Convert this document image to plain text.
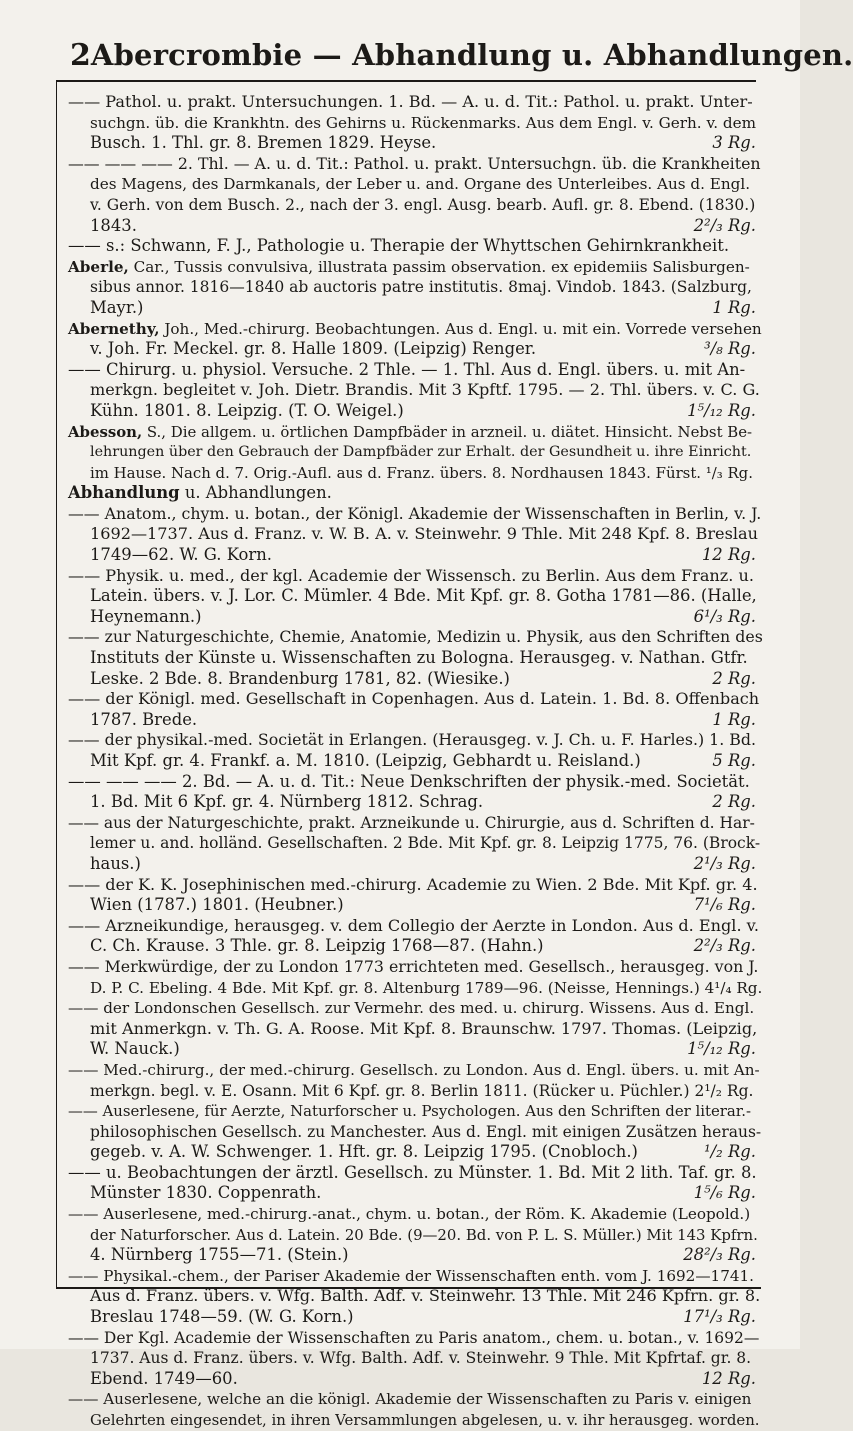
2 Abercrombie — Abhandlung u. Abhandlungen.
—— Pathol. u. prakt. Untersuchungen. 1. Bd. — A. u. d. Tit.: Pathol. u. prakt. Unter-
suchgn. üb. die Krankhtn. des Gehirns u. Rückenmarks. Aus dem Engl. v. Gerh. v. dem
Busch. 1. Thl. gr. 8. Bremen 1829. Heyse.	3 Rg.
—— —— —— 2. Thl. — A. u. d. Tit.: Pathol. u. prakt. Untersuchgn. üb. die Krankheiten
des Magens, des Darmkanals, der Leber u. and. Organe des Unterleibes. Aus d. Engl.
v. Gerh. von dem Busch. 2., nach der 3. engl. Ausg. bearb. Aufl. gr. 8. Ebend. (1830.)
1843.	2²/₃ Rg.
—— s.: Schwann, F. J., Pathologie u. Therapie der Whyttschen Gehirnkrankheit.
Aberle, Car., Tussis convulsiva, illustrata passim observation. ex epidemiis Salisburgen-
sibus annor. 1816—1840 ab auctoris patre institutis. 8maj. Vindob. 1843. (Salzburg,
Mayr.)	1 Rg.
Abernethy, Joh., Med.-chirurg. Beobachtungen. Aus d. Engl. u. mit ein. Vorrede versehen
v. Joh. Fr. Meckel. gr. 8. Halle 1809. (Leipzig) Renger.	³/₈ Rg.
—— Chirurg. u. physiol. Versuche. 2 Thle. — 1. Thl. Aus d. Engl. übers. u. mit An-
merkgn. begleitet v. Joh. Dietr. Brandis. Mit 3 Kpftf. 1795. — 2. Thl. übers. v. C. G.
Kühn. 1801. 8. Leipzig. (T. O. Weigel.)	1⁵/₁₂ Rg.
Abesson, S., Die allgem. u. örtlichen Dampfbäder in arzneil. u. diätet. Hinsicht. Nebst Be-
lehrungen über den Gebrauch der Dampfbäder zur Erhalt. der Gesundheit u. ihre Einricht.
im Hause. Nach d. 7. Orig.-Aufl. aus d. Franz. übers. 8. Nordhausen 1843. Fürst. ¹/₃ Rg.
Abhandlung u. Abhandlungen.
—— Anatom., chym. u. botan., der Königl. Akademie der Wissenschaften in Berlin, v. J.
1692—1737. Aus d. Franz. v. W. B. A. v. Steinwehr. 9 Thle. Mit 248 Kpf. 8. Breslau
1749—62. W. G. Korn.	12 Rg.
—— Physik. u. med., der kgl. Academie der Wissensch. zu Berlin. Aus dem Franz. u.
Latein. übers. v. J. Lor. C. Mümler. 4 Bde. Mit Kpf. gr. 8. Gotha 1781—86. (Halle,
Heynemann.)	6¹/₃ Rg.
—— zur Naturgeschichte, Chemie, Anatomie, Medizin u. Physik, aus den Schriften des
Instituts der Künste u. Wissenschaften zu Bologna. Herausgeg. v. Nathan. Gtfr.
Leske. 2 Bde. 8. Brandenburg 1781, 82. (Wiesike.)	2 Rg.
—— der Königl. med. Gesellschaft in Copenhagen. Aus d. Latein. 1. Bd. 8. Offenbach
1787. Brede.	1 Rg.
—— der physikal.-med. Societät in Erlangen. (Herausgeg. v. J. Ch. u. F. Harles.) 1. Bd.
Mit Kpf. gr. 4. Frankf. a. M. 1810. (Leipzig, Gebhardt u. Reisland.)	5 Rg.
—— —— —— 2. Bd. — A. u. d. Tit.: Neue Denkschriften der physik.-med. Societät.
1. Bd. Mit 6 Kpf. gr. 4. Nürnberg 1812. Schrag.	2 Rg.
—— aus der Naturgeschichte, prakt. Arzneikunde u. Chirurgie, aus d. Schriften d. Har-
lemer u. and. holländ. Gesellschaften. 2 Bde. Mit Kpf. gr. 8. Leipzig 1775, 76. (Brock-
haus.)	2¹/₃ Rg.
—— der K. K. Josephinischen med.-chirurg. Academie zu Wien. 2 Bde. Mit Kpf. gr. 4.
Wien (1787.) 1801. (Heubner.)	7¹/₆ Rg.
—— Arzneikundige, herausgeg. v. dem Collegio der Aerzte in London. Aus d. Engl. v.
C. Ch. Krause. 3 Thle. gr. 8. Leipzig 1768—87. (Hahn.)	2²/₃ Rg.
—— Merkwürdige, der zu London 1773 errichteten med. Gesellsch., herausgeg. von J.
D. P. C. Ebeling. 4 Bde. Mit Kpf. gr. 8. Altenburg 1789—96. (Neisse, Hennings.) 4¹/₄ Rg.
—— der Londonschen Gesellsch. zur Vermehr. des med. u. chirurg. Wissens. Aus d. Engl.
mit Anmerkgn. v. Th. G. A. Roose. Mit Kpf. 8. Braunschw. 1797. Thomas. (Leipzig,
W. Nauck.)	1⁵/₁₂ Rg.
—— Med.-chirurg., der med.-chirurg. Gesellsch. zu London. Aus d. Engl. übers. u. mit An-
merkgn. begl. v. E. Osann. Mit 6 Kpf. gr. 8. Berlin 1811. (Rücker u. Püchler.) 2¹/₂ Rg.
—— Auserlesene, für Aerzte, Naturforscher u. Psychologen. Aus den Schriften der literar.-
philosophischen Gesellsch. zu Manchester. Aus d. Engl. mit einigen Zusätzen heraus-
gegeb. v. A. W. Schwenger. 1. Hft. gr. 8. Leipzig 1795. (Cnobloch.)	¹/₂ Rg.
—— u. Beobachtungen der ärztl. Gesellsch. zu Münster. 1. Bd. Mit 2 lith. Taf. gr. 8.
Münster 1830. Coppenrath.	1⁵/₆ Rg.
—— Auserlesene, med.-chirurg.-anat., chym. u. botan., der Röm. K. Akademie (Leopold.)
der Naturforscher. Aus d. Latein. 20 Bde. (9—20. Bd. von P. L. S. Müller.) Mit 143 Kpfrn.
4. Nürnberg 1755—71. (Stein.)	28²/₃ Rg.
—— Physikal.-chem., der Pariser Akademie der Wissenschaften enth. vom J. 1692—1741.
Aus d. Franz. übers. v. Wfg. Balth. Adf. v. Steinwehr. 13 Thle. Mit 246 Kpfrn. gr. 8.
Breslau 1748—59. (W. G. Korn.)	17¹/₃ Rg.
—— Der Kgl. Academie der Wissenschaften zu Paris anatom., chem. u. botan., v. 1692—
1737. Aus d. Franz. übers. v. Wfg. Balth. Adf. v. Steinwehr. 9 Thle. Mit Kpfrtaf. gr. 8.
Ebend. 1749—60.	12 Rg.
—— Auserlesene, welche an die königl. Akademie der Wissenschaften zu Paris v. einigen
Gelehrten eingesendet, in ihren Versammlungen abgelesen, u. v. ihr herausgeg. worden.
